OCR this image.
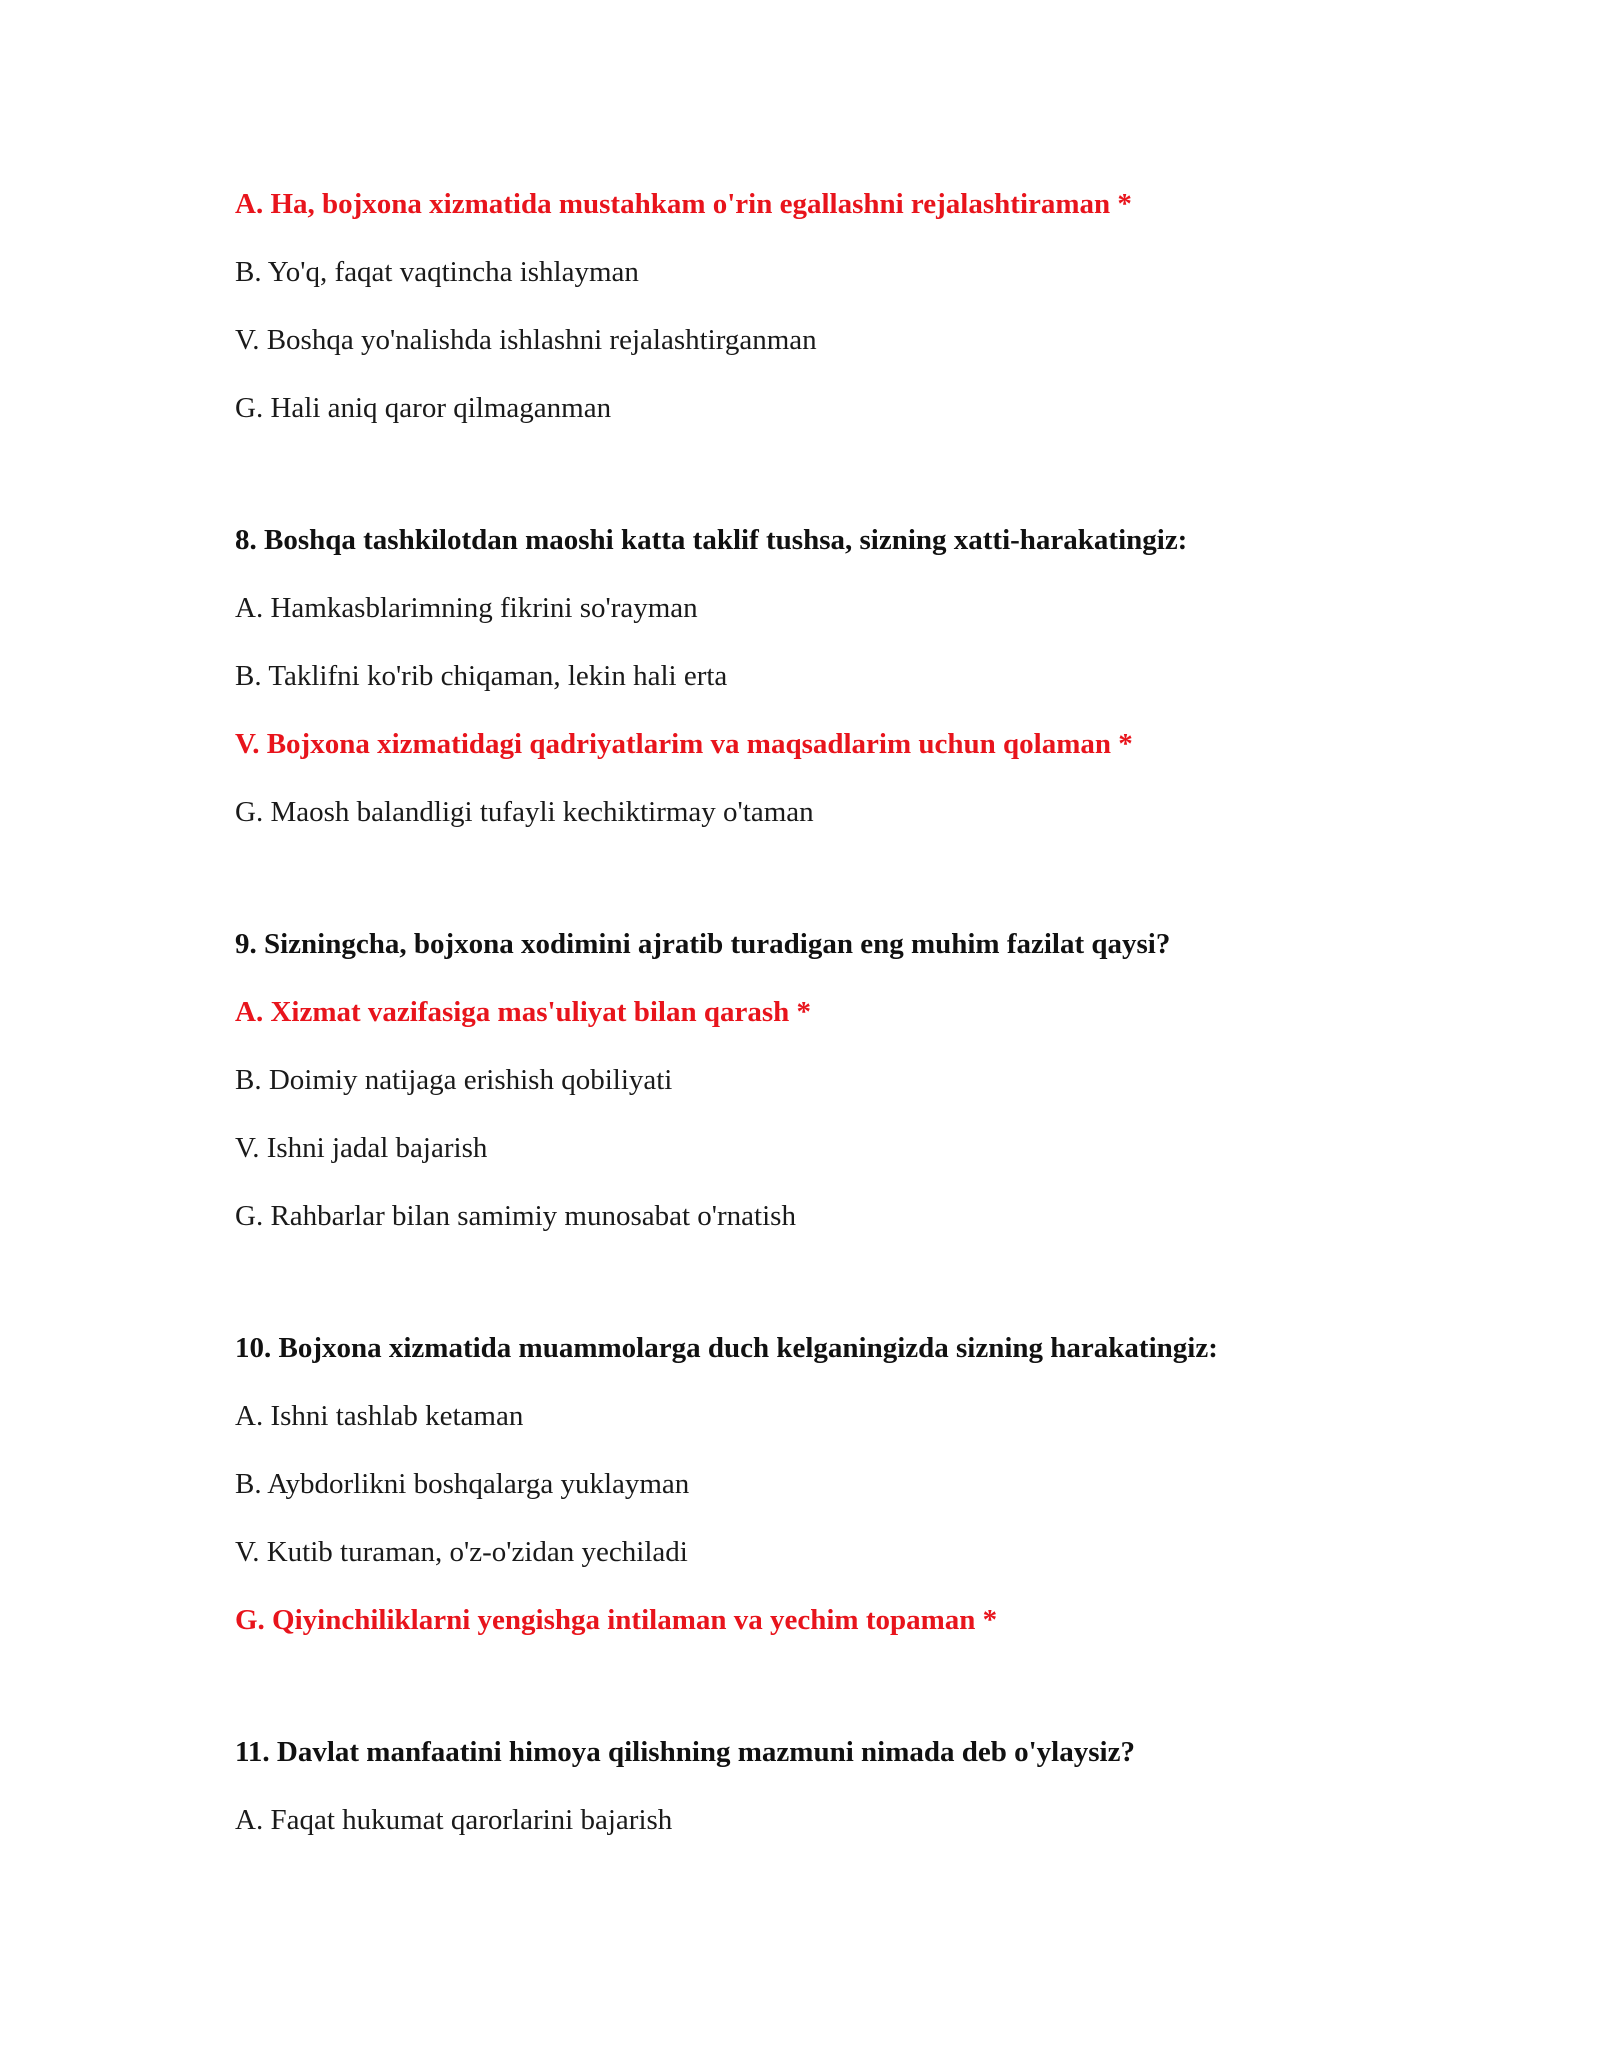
A. Ha, bojxona xizmatida mustahkam o'rin egallashni rejalashtiraman *
B. Yo'q, faqat vaqtincha ishlayman
V. Boshqa yo'nalishda ishlashni rejalashtirganman
G. Hali aniq qaror qilmaganman
8. Boshqa tashkilotdan maoshi katta taklif tushsa, sizning xatti-harakatingiz:
A. Hamkasblarimning fikrini so'rayman
B. Taklifni ko'rib chiqaman, lekin hali erta
V. Bojxona xizmatidagi qadriyatlarim va maqsadlarim uchun qolaman *
G. Maosh balandligi tufayli kechiktirmay o'taman
9. Sizningcha, bojxona xodimini ajratib turadigan eng muhim fazilat qaysi?
A. Xizmat vazifasiga mas'uliyat bilan qarash *
B. Doimiy natijaga erishish qobiliyati
V. Ishni jadal bajarish
G. Rahbarlar bilan samimiy munosabat o'rnatish
10. Bojxona xizmatida muammolarga duch kelganingizda sizning harakatingiz:
A. Ishni tashlab ketaman
B. Aybdorlikni boshqalarga yuklayman
V. Kutib turaman, o'z-o'zidan yechiladi
G. Qiyinchiliklarni yengishga intilaman va yechim topaman *
11. Davlat manfaatini himoya qilishning mazmuni nimada deb o'ylaysiz?
A. Faqat hukumat qarorlarini bajarish
